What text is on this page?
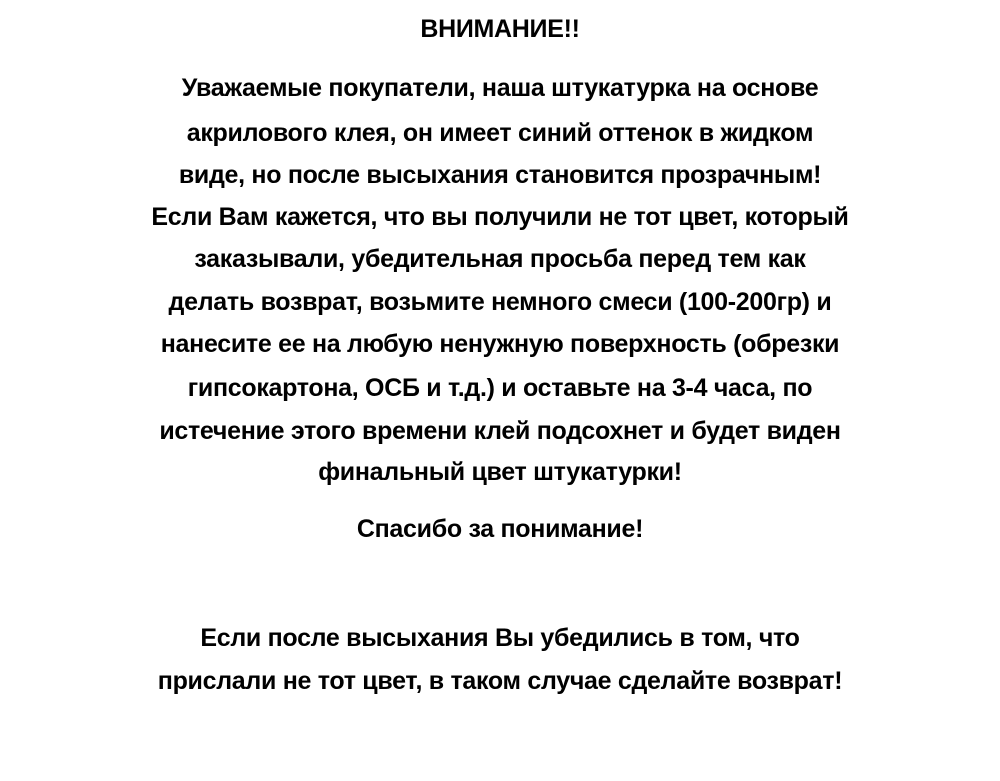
ВНИМАНИЕ!!
Уважаемые покупатели, наша штукатурка на основе
акрилового клея, он имеет синий оттенок в жидком
виде, но после высыхания становится прозрачным!
Если Вам кажется, что вы получили не тот цвет, который
заказывали, убедительная просьба перед тем как
делать возврат, возьмите немного смеси (100-200гр) и
нанесите ее на любую ненужную поверхность (обрезки
гипсокартона, ОСБ и т.д.) и оставьте на 3-4 часа, по
истечение этого времени клей подсохнет и будет виден
финальный цвет штукатурки!
Спасибо за понимание!
Если после высыхания Вы убедились в том, что
прислали не тот цвет, в таком случае сделайте возврат!
